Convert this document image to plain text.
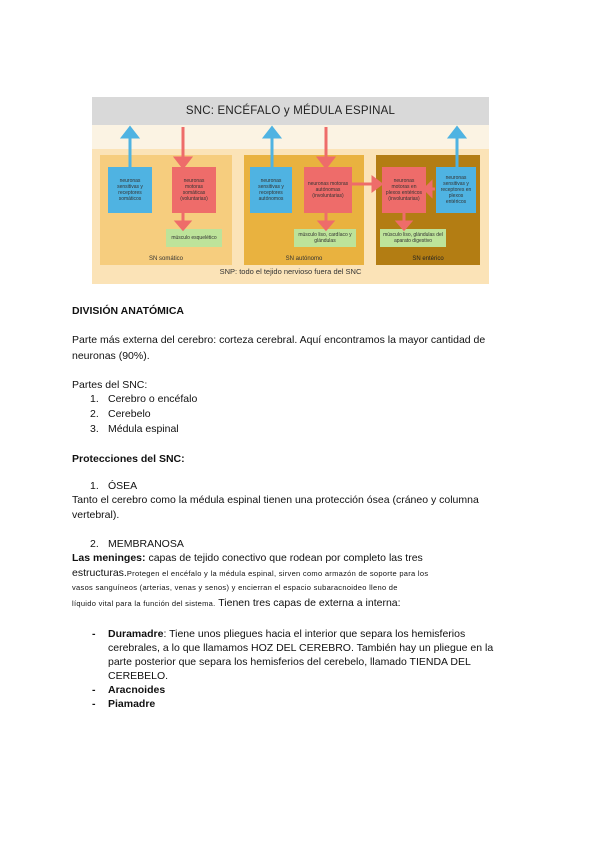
SNC: ENCÉFALO y MÉDULA ESPINAL
neuronas sensitivas y receptores somáticos
neuronas motoras somáticas (voluntarias)
músculo esquelético
SN somático
neuronas sensitivas y receptores autónomos
neuronas motoras autónomas (involuntarias)
músculo liso, cardíaco y glándulas
SN autónomo
neuronas motoras en plexos entéricos (involuntarias)
neuronas sensitivas y receptores en plexos entéricos
músculo liso, glándulas del aparato digestivo
SN entérico
SNP: todo el tejido nervioso fuera del SNC
DIVISIÓN ANATÓMICA
Parte más externa del cerebro: corteza cerebral. Aquí encontramos la mayor cantidad de
neuronas (90%).
Partes del SNC:
1. Cerebro o encéfalo
2. Cerebelo
3. Médula espinal
Protecciones del SNC:
1. ÓSEA
Tanto el cerebro como la médula espinal tienen una protección ósea (cráneo y columna
vertebral).
2. MEMBRANOSA
Las meninges: capas de tejido conectivo que rodean por completo las tres
estructuras.Protegen el encéfalo y la médula espinal, sirven como armazón de soporte para los
vasos sanguíneos (arterias, venas y senos) y encierran el espacio subaracnoideo lleno de
líquido vital para la función del sistema. Tienen tres capas de externa a interna:
- Duramadre: Tiene unos pliegues hacia el interior que separa los hemisferios
cerebrales, a lo que llamamos HOZ DEL CEREBRO. También hay un pliegue en la
parte posterior que separa los hemisferios del cerebelo, llamado TIENDA DEL
CEREBELO.
- Aracnoides
- Piamadre
